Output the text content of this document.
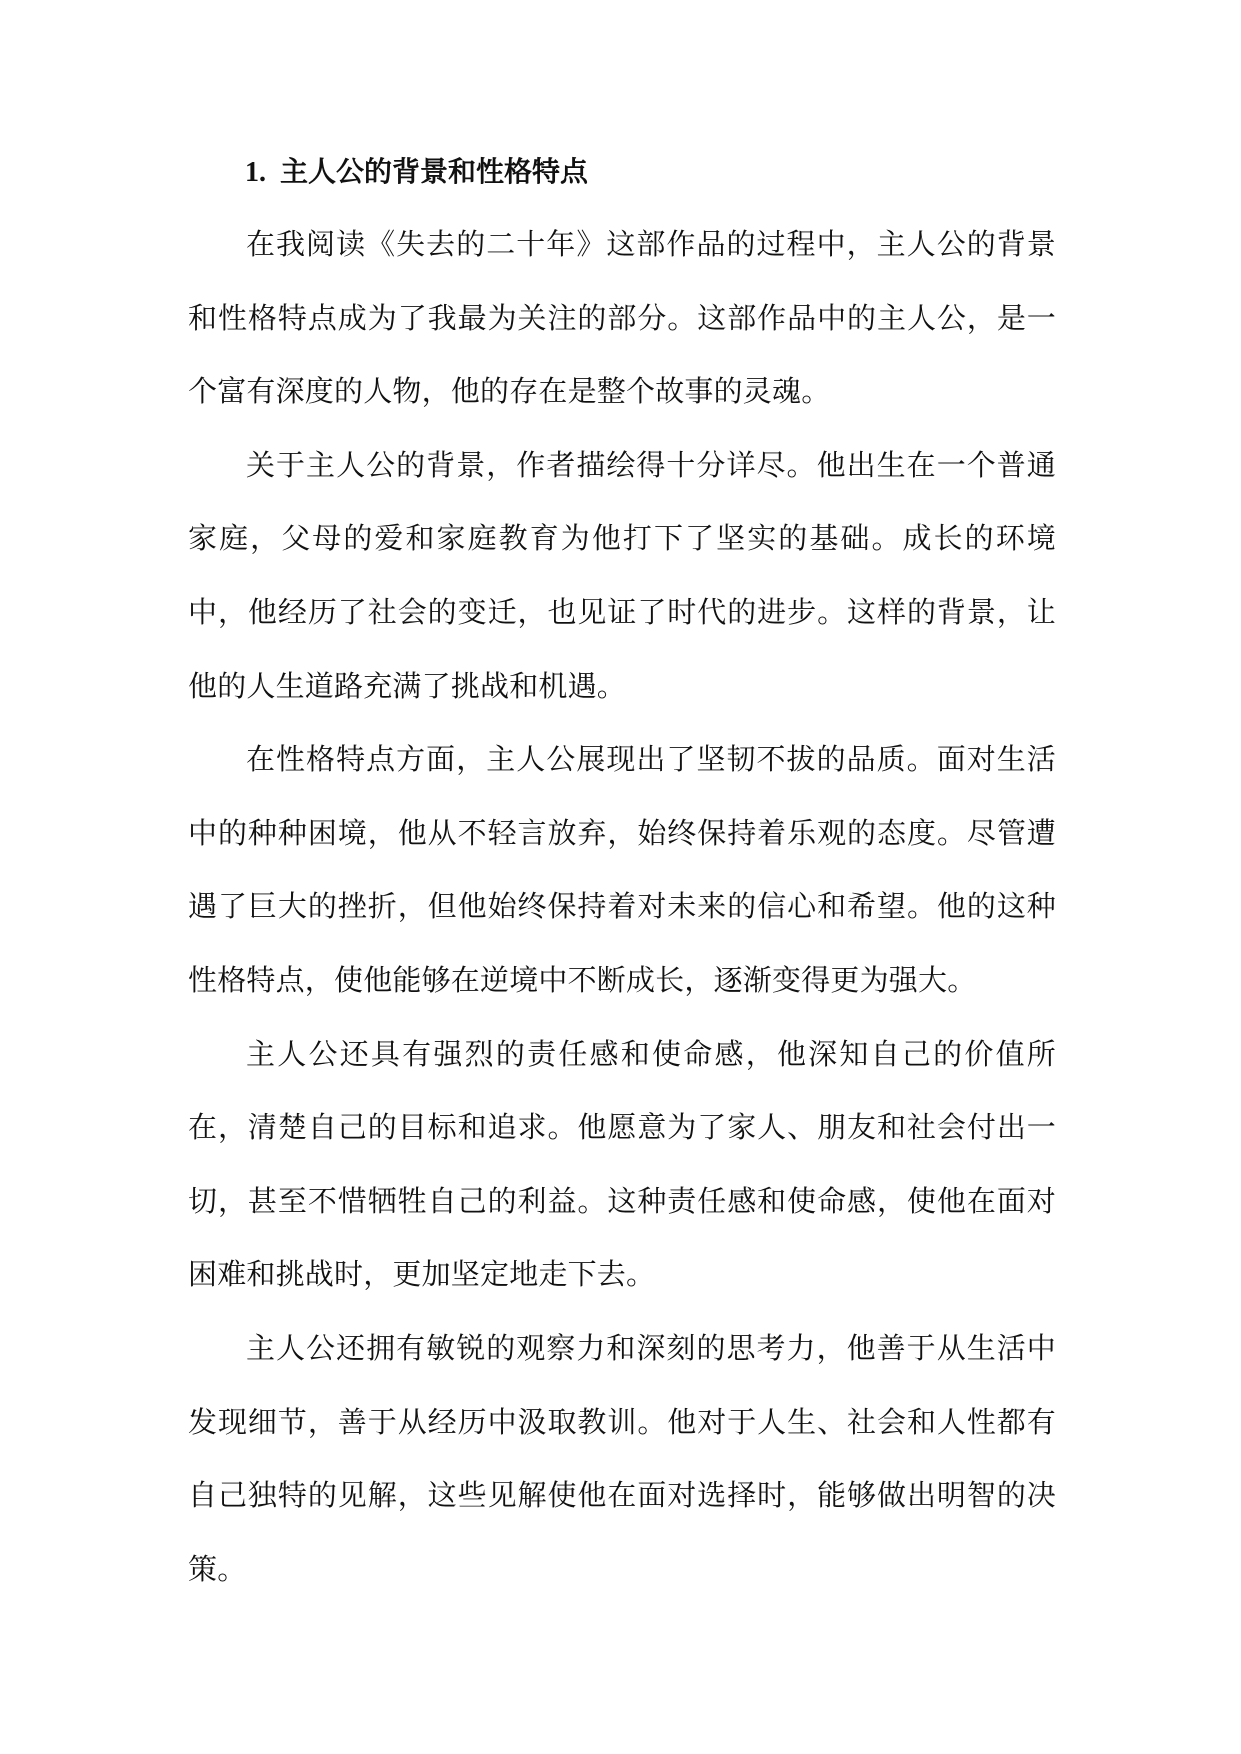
1. 主人公的背景和性格特点

在我阅读《失去的二十年》这部作品的过程中，主人公的背景和性格特点成为了我最为关注的部分。这部作品中的主人公，是一个富有深度的人物，他的存在是整个故事的灵魂。

关于主人公的背景，作者描绘得十分详尽。他出生在一个普通家庭，父母的爱和家庭教育为他打下了坚实的基础。成长的环境中，他经历了社会的变迁，也见证了时代的进步。这样的背景，让他的人生道路充满了挑战和机遇。

在性格特点方面，主人公展现出了坚韧不拔的品质。面对生活中的种种困境，他从不轻言放弃，始终保持着乐观的态度。尽管遭遇了巨大的挫折，但他始终保持着对未来的信心和希望。他的这种性格特点，使他能够在逆境中不断成长，逐渐变得更为强大。

主人公还具有强烈的责任感和使命感，他深知自己的价值所在，清楚自己的目标和追求。他愿意为了家人、朋友和社会付出一切，甚至不惜牺牲自己的利益。这种责任感和使命感，使他在面对困难和挑战时，更加坚定地走下去。

主人公还拥有敏锐的观察力和深刻的思考力，他善于从生活中发现细节，善于从经历中汲取教训。他对于人生、社会和人性都有自己独特的见解，这些见解使他在面对选择时，能够做出明智的决策。
